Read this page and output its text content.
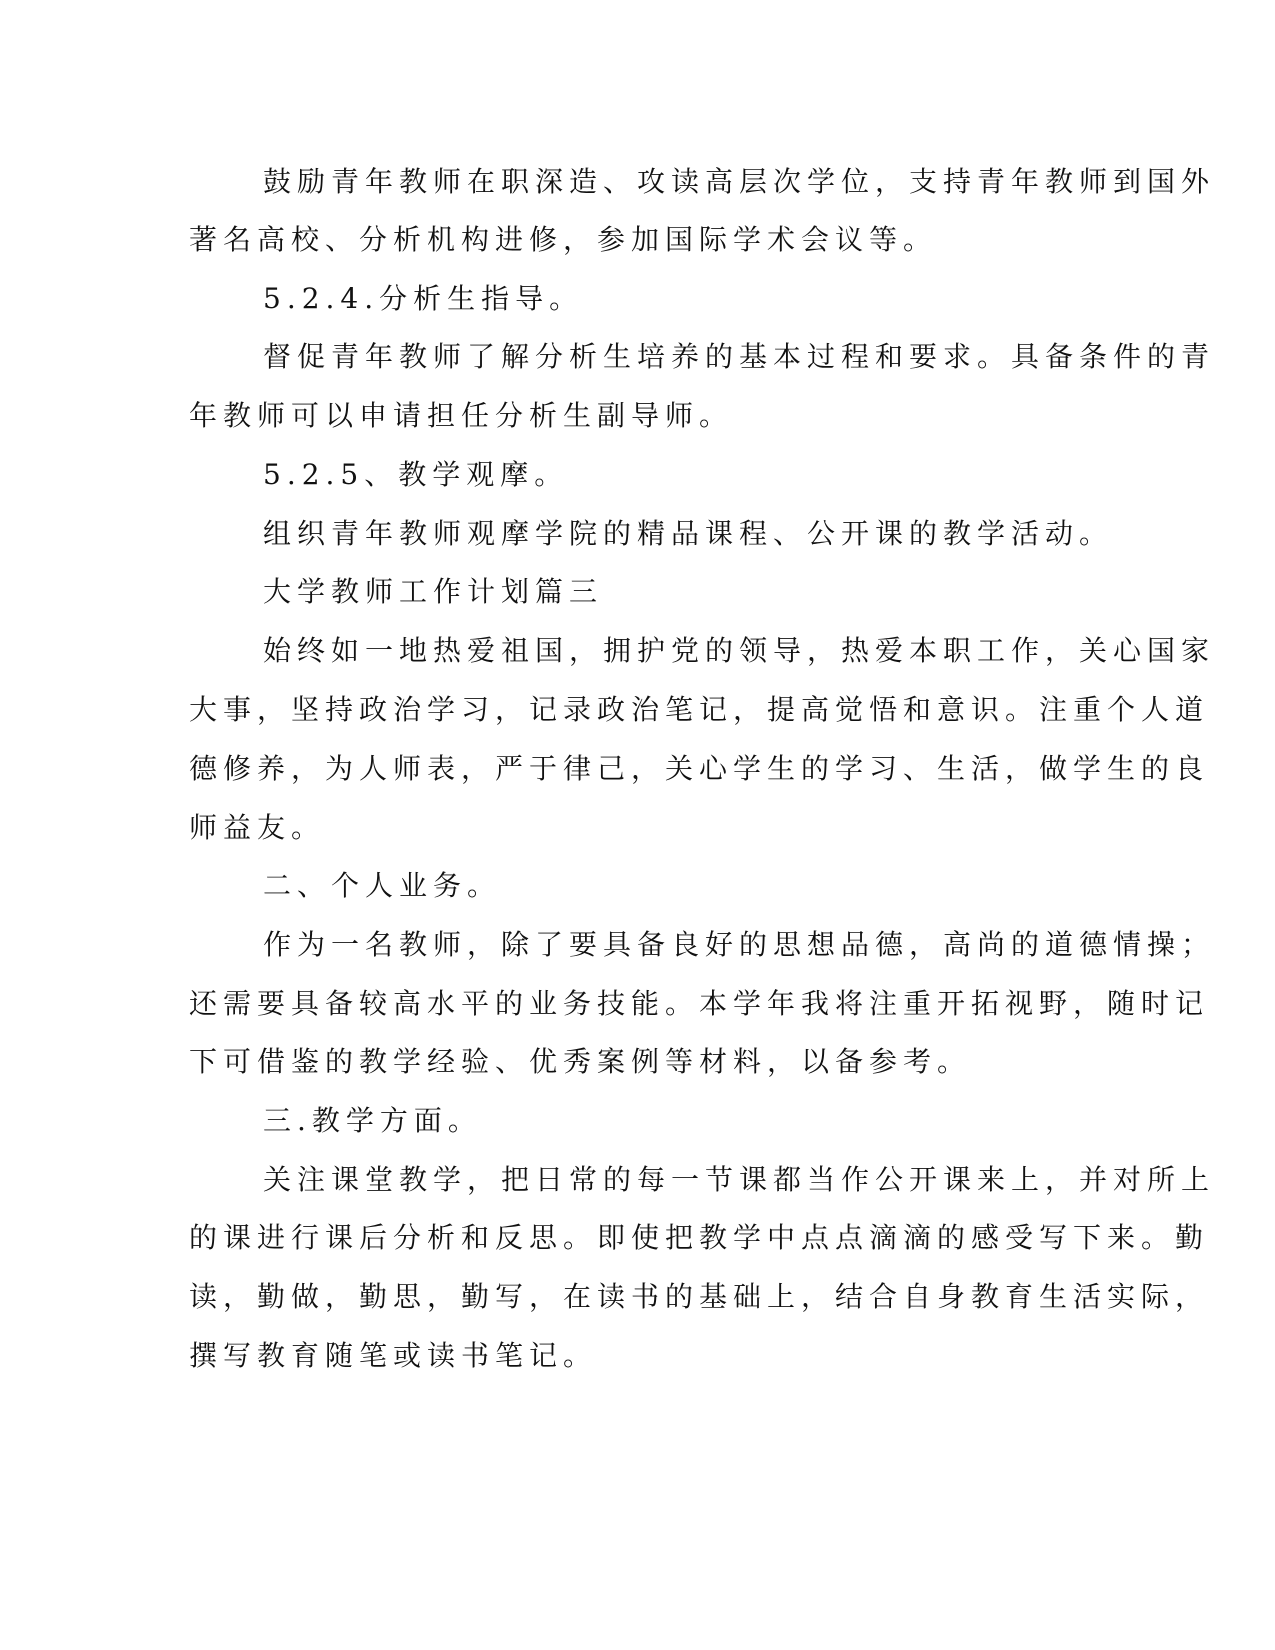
鼓励青年教师在职深造、攻读高层次学位，支持青年教师到国外
著名高校、分析机构进修，参加国际学术会议等。
5.2.4.分析生指导。
督促青年教师了解分析生培养的基本过程和要求。具备条件的青
年教师可以申请担任分析生副导师。
5.2.5、教学观摩。
组织青年教师观摩学院的精品课程、公开课的教学活动。
大学教师工作计划篇三
始终如一地热爱祖国，拥护党的领导，热爱本职工作，关心国家
大事，坚持政治学习，记录政治笔记，提高觉悟和意识。注重个人道
德修养，为人师表，严于律己，关心学生的学习、生活，做学生的良
师益友。
二、个人业务。
作为一名教师，除了要具备良好的思想品德，高尚的道德情操；
还需要具备较高水平的业务技能。本学年我将注重开拓视野，随时记
下可借鉴的教学经验、优秀案例等材料，以备参考。
三.教学方面。
关注课堂教学，把日常的每一节课都当作公开课来上，并对所上
的课进行课后分析和反思。即使把教学中点点滴滴的感受写下来。勤
读，勤做，勤思，勤写，在读书的基础上，结合自身教育生活实际，
撰写教育随笔或读书笔记。
